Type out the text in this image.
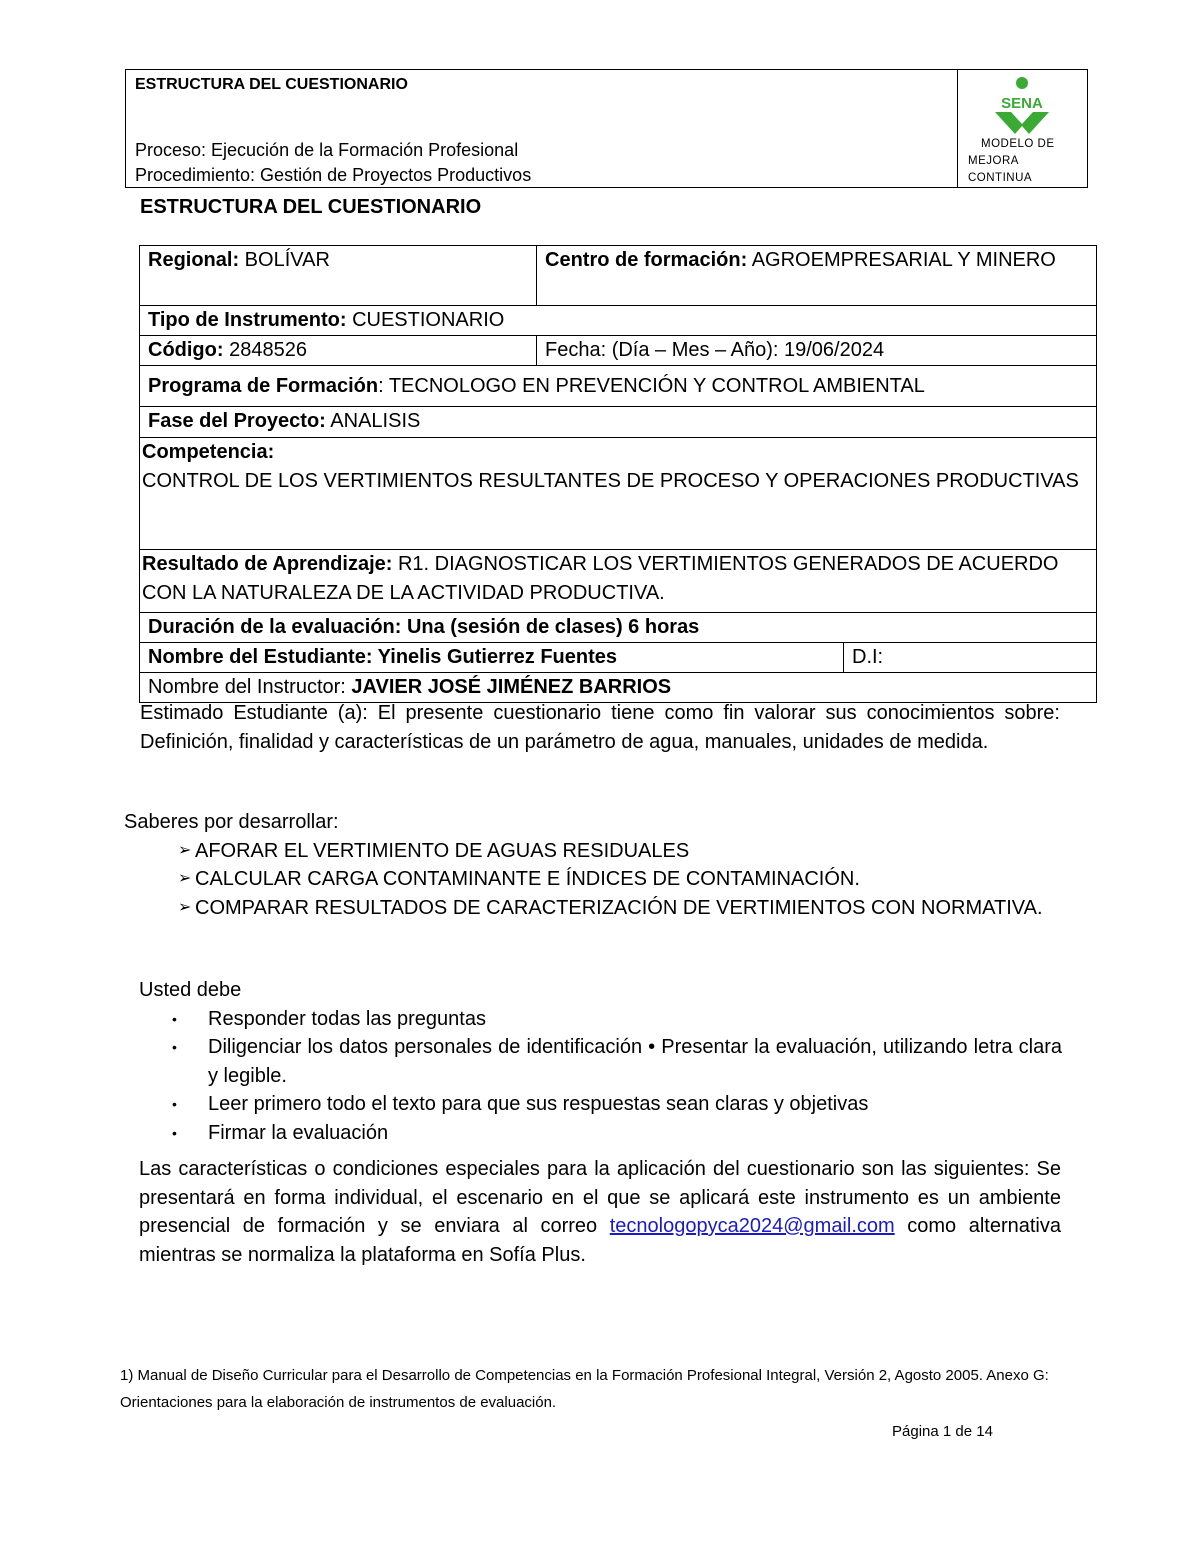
ESTRUCTURA DEL CUESTIONARIO
Proceso: Ejecución de la Formación Profesional
Procedimiento: Gestión de Proyectos Productivos
SENA
MODELO DE
MEJORA
CONTINUA
ESTRUCTURA DEL CUESTIONARIO
Regional: BOLÍVAR	Centro de formación: AGROEMPRESARIAL Y MINERO	
Tipo de Instrumento: CUESTIONARIO		
Código: 2848526	Fecha: (Día – Mes – Año): 19/06/2024	
Programa de Formación: TECNOLOGO EN PREVENCIÓN Y CONTROL AMBIENTAL		
Fase del Proyecto: ANALISIS		
Competencia:
CONTROL DE LOS VERTIMIENTOS RESULTANTES DE PROCESO Y OPERACIONES PRODUCTIVAS		
Resultado de Aprendizaje: R1. DIAGNOSTICAR LOS VERTIMIENTOS GENERADOS DE ACUERDO CON LA NATURALEZA DE LA ACTIVIDAD PRODUCTIVA.		
Duración de la evaluación: Una (sesión de clases) 6 horas		
Nombre del Estudiante: Yinelis Gutierrez Fuentes		D.I:
Nombre del Instructor: JAVIER JOSÉ JIMÉNEZ BARRIOS		
Estimado Estudiante (a): El presente cuestionario tiene como fin valorar sus conocimientos sobre: Definición, finalidad y características de un parámetro de agua, manuales, unidades de medida.
Saberes por desarrollar:
➢ AFORAR EL VERTIMIENTO DE AGUAS RESIDUALES
➢ CALCULAR CARGA CONTAMINANTE E ÍNDICES DE CONTAMINACIÓN.
➢ COMPARAR RESULTADOS DE CARACTERIZACIÓN DE VERTIMIENTOS CON NORMATIVA.
Usted debe
• Responder todas las preguntas
• Diligenciar los datos personales de identificación • Presentar la evaluación, utilizando letra clara y legible.
• Leer primero todo el texto para que sus respuestas sean claras y objetivas
• Firmar la evaluación
Las características o condiciones especiales para la aplicación del cuestionario son las siguientes: Se presentará en forma individual, el escenario en el que se aplicará este instrumento es un ambiente presencial de formación y se enviara al correo tecnologopyca2024@gmail.com como alternativa mientras se normaliza la plataforma en Sofía Plus.
1) Manual de Diseño Curricular para el Desarrollo de Competencias en la Formación Profesional Integral, Versión 2, Agosto 2005. Anexo G: Orientaciones para la elaboración de instrumentos de evaluación.
Página 1 de 14
